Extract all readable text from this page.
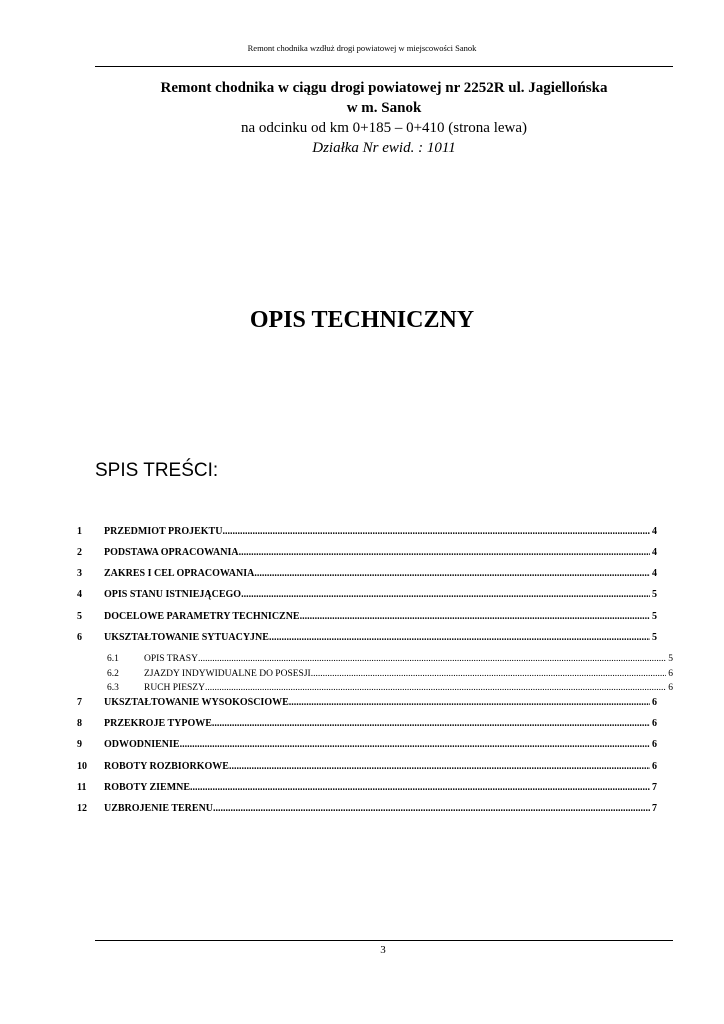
Remont chodnika wzdłuż drogi powiatowej w miejscowości Sanok
Remont chodnika w ciągu drogi powiatowej nr 2252R ul. Jagiellońska
w m. Sanok
na odcinku od km 0+185 – 0+410 (strona lewa)
Działka Nr ewid. : 1011
OPIS TECHNICZNY
SPIS TREŚCI:
1	PRZEDMIOT PROJEKTU .....	4
2	PODSTAWA OPRACOWANIA .....	4
3	ZAKRES I CEL OPRACOWANIA .....	4
4	OPIS STANU ISTNIEJĄCEGO .....	5
5	DOCELOWE PARAMETRY TECHNICZNE .....	5
6	UKSZTAŁTOWANIE SYTUACYJNE .....	5
6.1	OPIS TRASY .....	5
6.2	ZJAZDY INDYWIDUALNE DO POSESJI .....	6
6.3	RUCH PIESZY .....	6
7	UKSZTAŁTOWANIE WYSOKOŚCIOWE .....	6
8	PRZEKROJE TYPOWE .....	6
9	ODWODNIENIE .....	6
10	ROBOTY ROZBIÓRKOWE .....	6
11	ROBOTY ZIEMNE .....	7
12	UZBROJENIE TERENU .....	7
3
